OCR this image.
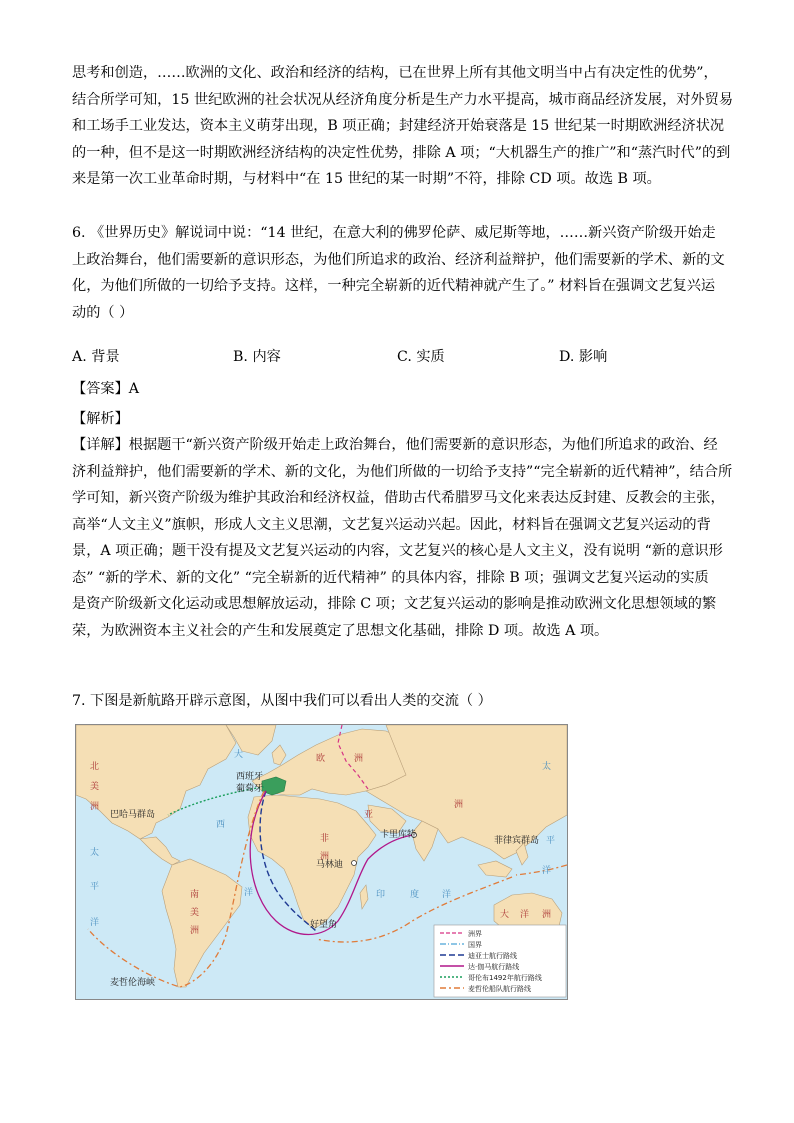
思考和创造，……欧洲的文化、政治和经济的结构，已在世界上所有其他文明当中占有决定性的优势”，
结合所学可知，15 世纪欧洲的社会状况从经济角度分析是生产力水平提高，城市商品经济发展，对外贸易
和工场手工业发达，资本主义萌芽出现，B 项正确；封建经济开始衰落是 15 世纪某一时期欧洲经济状况
的一种，但不是这一时期欧洲经济结构的决定性优势，排除 A 项；“大机器生产的推广”和“蒸汽时代”的到
来是第一次工业革命时期，与材料中“在 15 世纪的某一时期”不符，排除 CD 项。故选 B 项。
6. 《世界历史》解说词中说：“14 世纪，在意大利的佛罗伦萨、威尼斯等地，……新兴资产阶级开始走
上政治舞台，他们需要新的意识形态，为他们所追求的政治、经济利益辩护，他们需要新的学术、新的文
化，为他们所做的一切给予支持。这样，一种完全崭新的近代精神就产生了。” 材料旨在强调文艺复兴运
动的（ ）
A. 背景	B. 内容	C. 实质	D. 影响
【答案】A
【解析】
【详解】根据题干“新兴资产阶级开始走上政治舞台，他们需要新的意识形态，为他们所追求的政治、经
济利益辩护，他们需要新的学术、新的文化，为他们所做的一切给予支持”“完全崭新的近代精神”，结合所
学可知，新兴资产阶级为维护其政治和经济权益，借助古代希腊罗马文化来表达反封建、反教会的主张，
高举“人文主义”旗帜，形成人文主义思潮，文艺复兴运动兴起。因此，材料旨在强调文艺复兴运动的背
景，A 项正确；题干没有提及文艺复兴运动的内容，文艺复兴的核心是人文主义，没有说明 “新的意识形
态” “新的学术、新的文化” “完全崭新的近代精神” 的具体内容，排除 B 项；强调文艺复兴运动的实质
是资产阶级新文化运动或思想解放运动，排除 C 项；文艺复兴运动的影响是推动欧洲文化思想领域的繁
荣，为欧洲资本主义社会的产生和发展奠定了思想文化基础，排除 D 项。故选 A 项。
7. 下图是新航路开辟示意图，从图中我们可以看出人类的交流（ ）
北
美
洲
南
美
洲
欧	洲
亚
洲
非
洲
大 洋 洲
大
西
洋
太
平
洋
太
平
洋
印	度	洋
西班牙
葡萄牙
巴哈马群岛
卡里库特
马林迪
好望角
菲律宾群岛
麦哲伦海峡
洲界
国界
迪亚士航行路线
达·伽马航行路线
哥伦布1492年航行路线
麦哲伦船队航行路线
